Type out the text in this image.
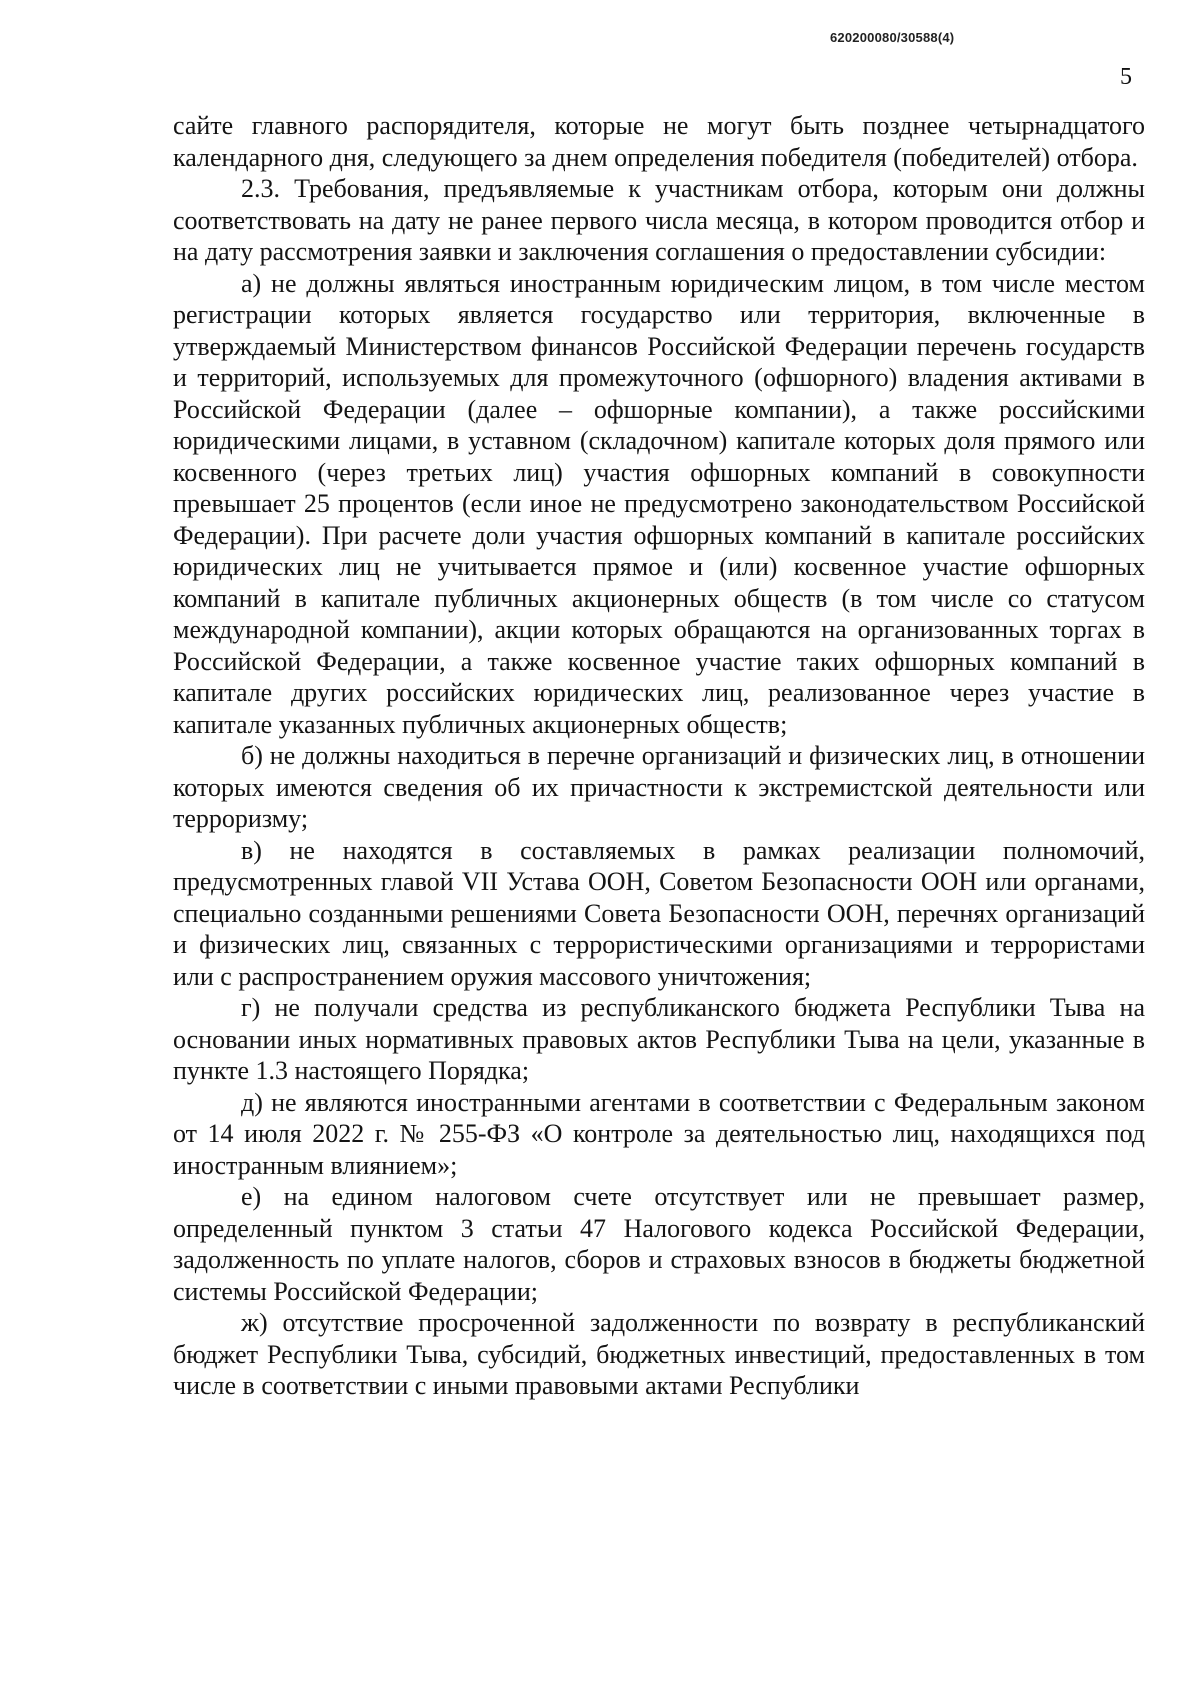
620200080/30588(4)
5

сайте главного распорядителя, которые не могут быть позднее четырнадцатого календарного дня, следующего за днем определения победителя (победителей) отбора.

2.3. Требования, предъявляемые к участникам отбора, которым они должны соответствовать на дату не ранее первого числа месяца, в котором проводится отбор и на дату рассмотрения заявки и заключения соглашения о предоставлении субсидии:

а) не должны являться иностранным юридическим лицом, в том числе местом регистрации которых является государство или территория, включенные в утверждаемый Министерством финансов Российской Федерации перечень государств и территорий, используемых для промежуточного (офшорного) владения активами в Российской Федерации (далее – офшорные компании), а также российскими юридическими лицами, в уставном (складочном) капитале которых доля прямого или косвенного (через третьих лиц) участия офшорных компаний в совокупности превышает 25 процентов (если иное не предусмотрено законодательством Российской Федерации). При расчете доли участия офшорных компаний в капитале российских юридических лиц не учитывается прямое и (или) косвенное участие офшорных компаний в капитале публичных акционерных обществ (в том числе со статусом международной компании), акции которых обращаются на организованных торгах в Российской Федерации, а также косвенное участие таких офшорных компаний в капитале других российских юридических лиц, реализованное через участие в капитале указанных публичных акционерных обществ;

б) не должны находиться в перечне организаций и физических лиц, в отношении которых имеются сведения об их причастности к экстремистской деятельности или терроризму;

в) не находятся в составляемых в рамках реализации полномочий, предусмотренных главой VII Устава ООН, Советом Безопасности ООН или органами, специально созданными решениями Совета Безопасности ООН, перечнях организаций и физических лиц, связанных с террористическими организациями и террористами или с распространением оружия массового уничтожения;

г) не получали средства из республиканского бюджета Республики Тыва на основании иных нормативных правовых актов Республики Тыва на цели, указанные в пункте 1.3 настоящего Порядка;

д) не являются иностранными агентами в соответствии с Федеральным законом от 14 июля 2022 г. № 255-ФЗ «О контроле за деятельностью лиц, находящихся под иностранным влиянием»;

е) на едином налоговом счете отсутствует или не превышает размер, определенный пунктом 3 статьи 47 Налогового кодекса Российской Федерации, задолженность по уплате налогов, сборов и страховых взносов в бюджеты бюджетной системы Российской Федерации;

ж) отсутствие просроченной задолженности по возврату в республиканский бюджет Республики Тыва, субсидий, бюджетных инвестиций, предоставленных в том числе в соответствии с иными правовыми актами Республики
